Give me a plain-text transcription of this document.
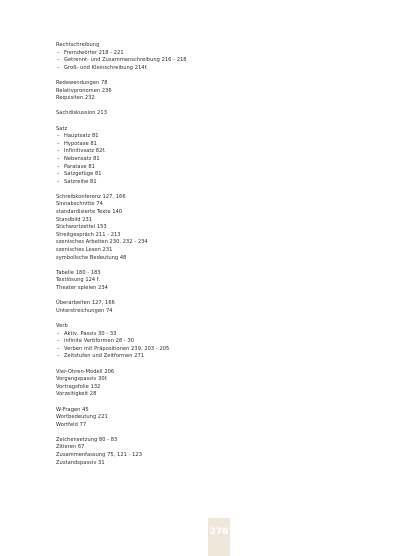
Rechtschreibung
– Fremdwörter 218 - 221
– Getrennt- und Zusammenschreibung 216 - 218
– Groß- und Kleinschreibung 214f.
Redewendungen 78
Relativpronomen 236
Requisiten 232
Sachdiskussion 213
Satz
– Hauptsatz 81
– Hypotaxe 81
– Infinitivsatz 82f.
– Nebensatz 81
– Parataxe 81
– Satzgefüge 81
– Satzreihe 81
Schreibkonferenz 127, 166
Sinnabschnitte 74
standardisierte Texte 140
Standbild 231
Stichwortzettel 153
Streitgespräch 211 - 213
szenisches Arbeiten 230, 232 - 234
szenisches Lesen 231
symbolische Bedeutung 48
Tabelle 180 - 183
Textlösung 124 f.
Theater spielen 234
Überarbeiten 127, 166
Unterstreichungen 74
Verb
– Aktiv, Passiv 30 - 33
– infinite Verbformen 28 - 30
– Verben mit Präpositionen 239, 203 - 205
– Zeitstufen und Zeitformen 271
Vier-Ohren-Modell 206
Vorgangspassiv 30f.
Vortragsfolie 132
Vorzeitigkeit 28
W-Fragen 45
Wortbedeutung 221
Wortfeld 77
Zeichensetzung 80 - 83
Zitieren 67
Zusammenfassung 75, 121 - 123
Zustandspassiv 31
276
